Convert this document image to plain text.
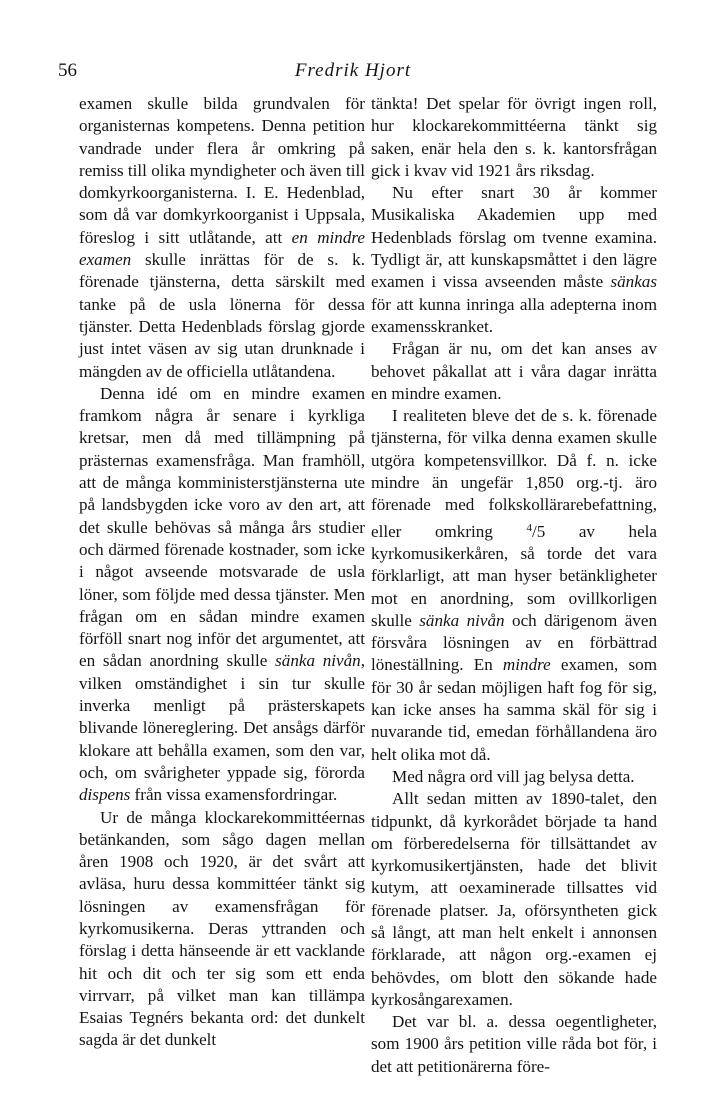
56	Fredrik Hjort

examen skulle bilda grundvalen för organisternas kompetens. Denna petition vandrade under flera år omkring på remiss till olika myndigheter och även till domkyrkoorganisterna. I. E. Hedenblad, som då var domkyrkoorganist i Uppsala, föreslog i sitt utlåtande, att en mindre examen skulle inrättas för de s. k. förenade tjänsterna, detta särskilt med tanke på de usla lönerna för dessa tjänster. Detta Hedenblads förslag gjorde just intet väsen av sig utan drunknade i mängden av de officiella utlåtandena.

Denna idé om en mindre examen framkom några år senare i kyrkliga kretsar, men då med tillämpning på prästernas examensfråga. Man framhöll, att de många komministerstjänsterna ute på landsbygden icke voro av den art, att det skulle behövas så många års studier och därmed förenade kostnader, som icke i något avseende motsvarade de usla löner, som följde med dessa tjänster. Men frågan om en sådan mindre examen förföll snart nog inför det argumentet, att en sådan anordning skulle sänka nivån, vilken omständighet i sin tur skulle inverka menligt på prästerskapets blivande lönereglering. Det ansågs därför klokare att behålla examen, som den var, och, om svårigheter yppade sig, förorda dispens från vissa examensfordringar.

Ur de många klockarekommittéernas betänkanden, som sågo dagen mellan åren 1908 och 1920, är det svårt att avläsa, huru dessa kommittéer tänkt sig lösningen av examensfrågan för kyrkomusikerna. Deras yttranden och förslag i detta hänseende är ett vacklande hit och dit och ter sig som ett enda virrvarr, på vilket man kan tillämpa Esaias Tegnérs bekanta ord: det dunkelt sagda är det dunkelt

tänkta! Det spelar för övrigt ingen roll, hur klockarekommittéerna tänkt sig saken, enär hela den s. k. kantorsfrågan gick i kvav vid 1921 års riksdag.

Nu efter snart 30 år kommer Musikaliska Akademien upp med Hedenblads förslag om tvenne examina. Tydligt är, att kunskapsmåttet i den lägre examen i vissa avseenden måste sänkas för att kunna inringa alla adepterna inom examensskranket.

Frågan är nu, om det kan anses av behovet påkallat att i våra dagar inrätta en mindre examen.

I realiteten bleve det de s. k. förenade tjänsterna, för vilka denna examen skulle utgöra kompetensvillkor. Då f. n. icke mindre än ungefär 1,850 org.-tj. äro förenade med folkskollärarebefattning, eller omkring $^4$/5 av hela kyrkomusikerkåren, så torde det vara förklarligt, att man hyser betänkligheter mot en anordning, som ovillkorligen skulle sänka nivån och därigenom även försvåra lösningen av en förbättrad löneställning. En mindre examen, som för 30 år sedan möjligen haft fog för sig, kan icke anses ha samma skäl för sig i nuvarande tid, emedan förhållandena äro helt olika mot då.

Med några ord vill jag belysa detta.

Allt sedan mitten av 1890-talet, den tidpunkt, då kyrkorådet började ta hand om förberedelserna för tillsättandet av kyrkomusikertjänsten, hade det blivit kutym, att oexaminerade tillsattes vid förenade platser. Ja, oförsyntheten gick så långt, att man helt enkelt i annonsen förklarade, att någon org.-examen ej behövdes, om blott den sökande hade kyrkosångarexamen.

Det var bl. a. dessa oegentligheter, som 1900 års petition ville råda bot för, i det att petitionärerna före-
